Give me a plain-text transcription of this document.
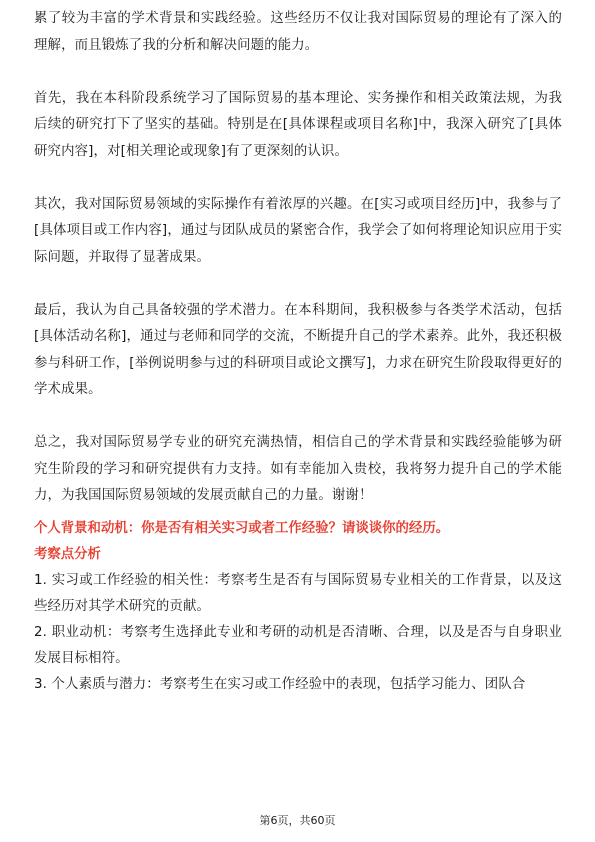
累了较为丰富的学术背景和实践经验。这些经历不仅让我对国际贸易的理论有了深入的理解，而且锻炼了我的分析和解决问题的能力。

首先，我在本科阶段系统学习了国际贸易的基本理论、实务操作和相关政策法规，为我后续的研究打下了坚实的基础。特别是在[具体课程或项目名称]中，我深入研究了[具体研究内容]，对[相关理论或现象]有了更深刻的认识。

其次，我对国际贸易领域的实际操作有着浓厚的兴趣。在[实习或项目经历]中，我参与了[具体项目或工作内容]，通过与团队成员的紧密合作，我学会了如何将理论知识应用于实际问题，并取得了显著成果。

最后，我认为自己具备较强的学术潜力。在本科期间，我积极参与各类学术活动，包括[具体活动名称]，通过与老师和同学的交流，不断提升自己的学术素养。此外，我还积极参与科研工作，[举例说明参与过的科研项目或论文撰写]，力求在研究生阶段取得更好的学术成果。

总之，我对国际贸易学专业的研究充满热情，相信自己的学术背景和实践经验能够为研究生阶段的学习和研究提供有力支持。如有幸能加入贵校，我将努力提升自己的学术能力，为我国国际贸易领域的发展贡献自己的力量。谢谢！

个人背景和动机：你是否有相关实习或者工作经验？请谈谈你的经历。

考察点分析

1. 实习或工作经验的相关性：考察考生是否有与国际贸易专业相关的工作背景，以及这些经历对其学术研究的贡献。

2. 职业动机：考察考生选择此专业和考研的动机是否清晰、合理，以及是否与自身职业发展目标相符。

3. 个人素质与潜力：考察考生在实习或工作经验中的表现，包括学习能力、团队合

第6页，共60页
